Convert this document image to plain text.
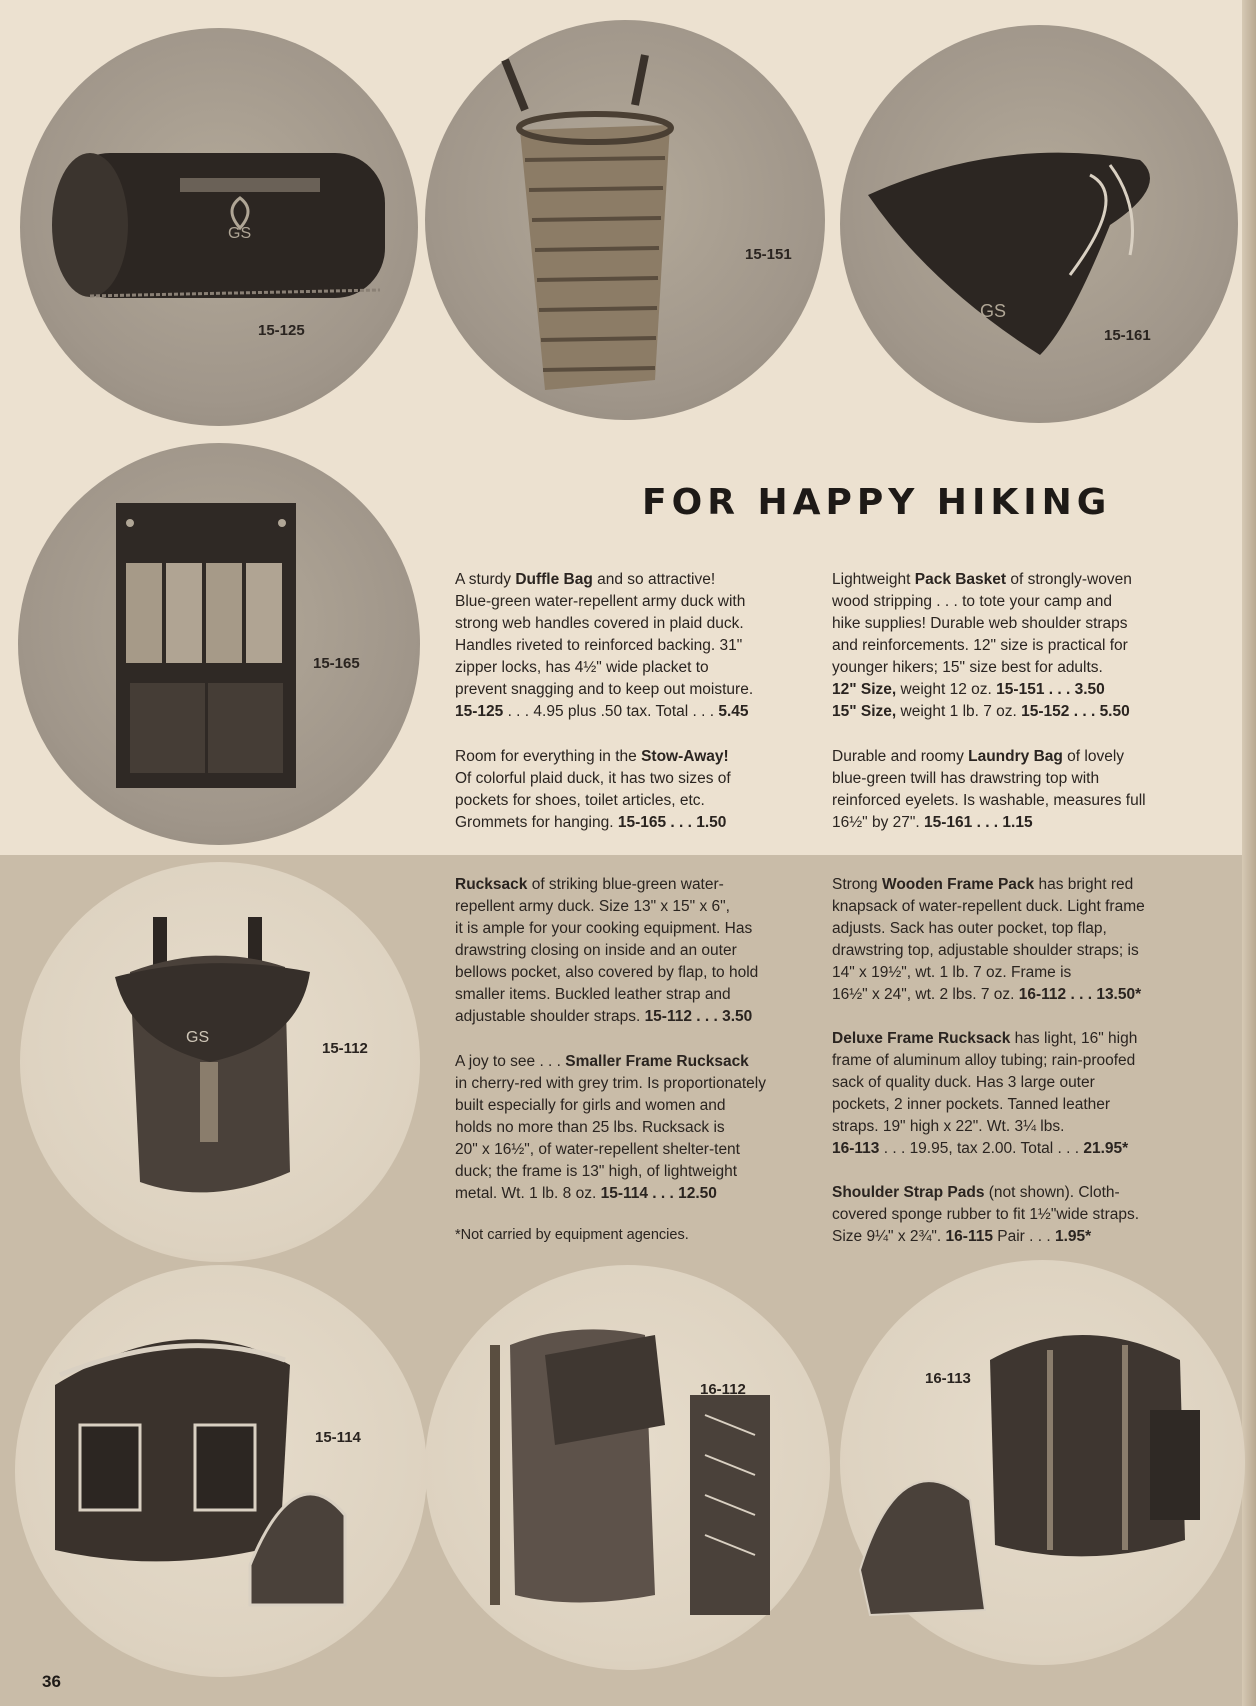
GS
15-125
15-151
GS
15-161
15-165
FOR HAPPY HIKING
GS
15-112
15-114
16-112
16-113

A sturdy Duffle Bag and so attractive!

Blue-green water-repellent army duck with

strong web handles covered in plaid duck.

Handles riveted to reinforced backing. 31"

zipper locks, has 4½" wide placket to

prevent snagging and to keep out moisture.

15-125 . . . 4.95 plus .50 tax. Total . . . 5.45

Lightweight Pack Basket of strongly-woven

wood stripping . . . to tote your camp and

hike supplies! Durable web shoulder straps

and reinforcements. 12" size is practical for

younger hikers; 15" size best for adults.

12" Size, weight 12 oz. 15-151 . . . 3.50

15" Size, weight 1 lb. 7 oz. 15-152 . . . 5.50

Room for everything in the Stow-Away!

Of colorful plaid duck, it has two sizes of

pockets for shoes, toilet articles, etc.

Grommets for hanging. 15-165 . . . 1.50

Durable and roomy Laundry Bag of lovely

blue-green twill has drawstring top with

reinforced eyelets. Is washable, measures full

16½" by 27". 15-161 . . . 1.15

Rucksack of striking blue-green water-

repellent army duck. Size 13" x 15" x 6",

it is ample for your cooking equipment. Has

drawstring closing on inside and an outer

bellows pocket, also covered by flap, to hold

smaller items. Buckled leather strap and

adjustable shoulder straps. 15-112 . . . 3.50

Strong Wooden Frame Pack has bright red

knapsack of water-repellent duck. Light frame

adjusts. Sack has outer pocket, top flap,

drawstring top, adjustable shoulder straps; is

14" x 19½", wt. 1 lb. 7 oz. Frame is

16½" x 24", wt. 2 lbs. 7 oz. 16-112 . . . 13.50*

A joy to see . . . Smaller Frame Rucksack

in cherry-red with grey trim. Is proportionately

built especially for girls and women and

holds no more than 25 lbs. Rucksack is

20" x 16½", of water-repellent shelter-tent

duck; the frame is 13" high, of lightweight

metal. Wt. 1 lb. 8 oz. 15-114 . . . 12.50

Deluxe Frame Rucksack has light, 16" high

frame of aluminum alloy tubing; rain-proofed

sack of quality duck. Has 3 large outer

pockets, 2 inner pockets. Tanned leather

straps. 19" high x 22". Wt. 3¼ lbs.

16-113 . . . 19.95, tax 2.00. Total . . . 21.95*

Shoulder Strap Pads (not shown). Cloth-

covered sponge rubber to fit 1½"wide straps.

Size 9¼" x 2¾". 16-115 Pair . . . 1.95*

*Not carried by equipment agencies.
36
